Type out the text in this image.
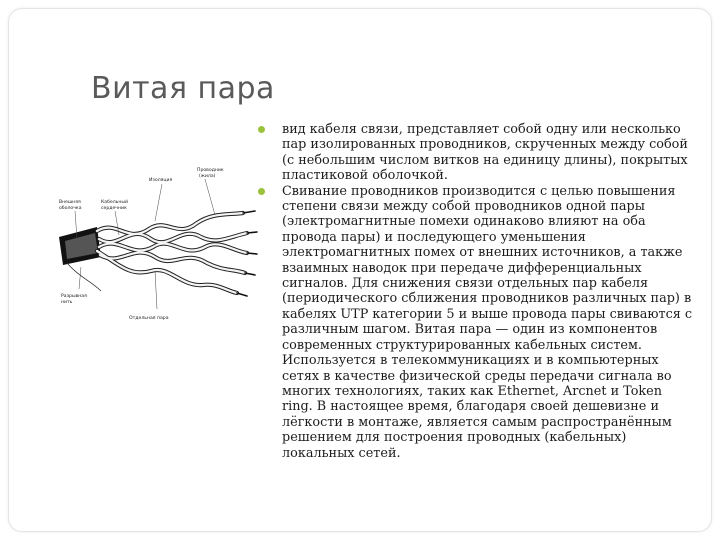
Витая пара
Изоляция
Проводник
(жила)
Внешняя
оболочка
Кабельный
сердечник
Разрывная
нить
Отдельная пара
вид кабеля связи, представляет собой одну или несколько пар изолированных проводников, скрученных между собой (с небольшим числом витков на единицу длины), покрытых пластиковой оболочкой.
Свивание проводников производится с целью повышения степени связи между собой проводников одной пары (электромагнитные помехи одинаково влияют на оба провода пары) и последующего уменьшения электромагнитных помех от внешних источников, а также взаимных наводок при передаче дифференциальных сигналов. Для снижения связи отдельных пар кабеля (периодического сближения проводников различных пар) в кабелях UTP категории 5 и выше провода пары свиваются с различным шагом. Витая пара — один из компонентов современных структурированных кабельных систем. Используется в телекоммуникациях и в компьютерных сетях в качестве физической среды передачи сигнала во многих технологиях, таких как Ethernet, Arcnet и Token ring. В настоящее время, благодаря своей дешевизне и лёгкости в монтаже, является самым распространённым решением для построения проводных (кабельных) локальных сетей.
